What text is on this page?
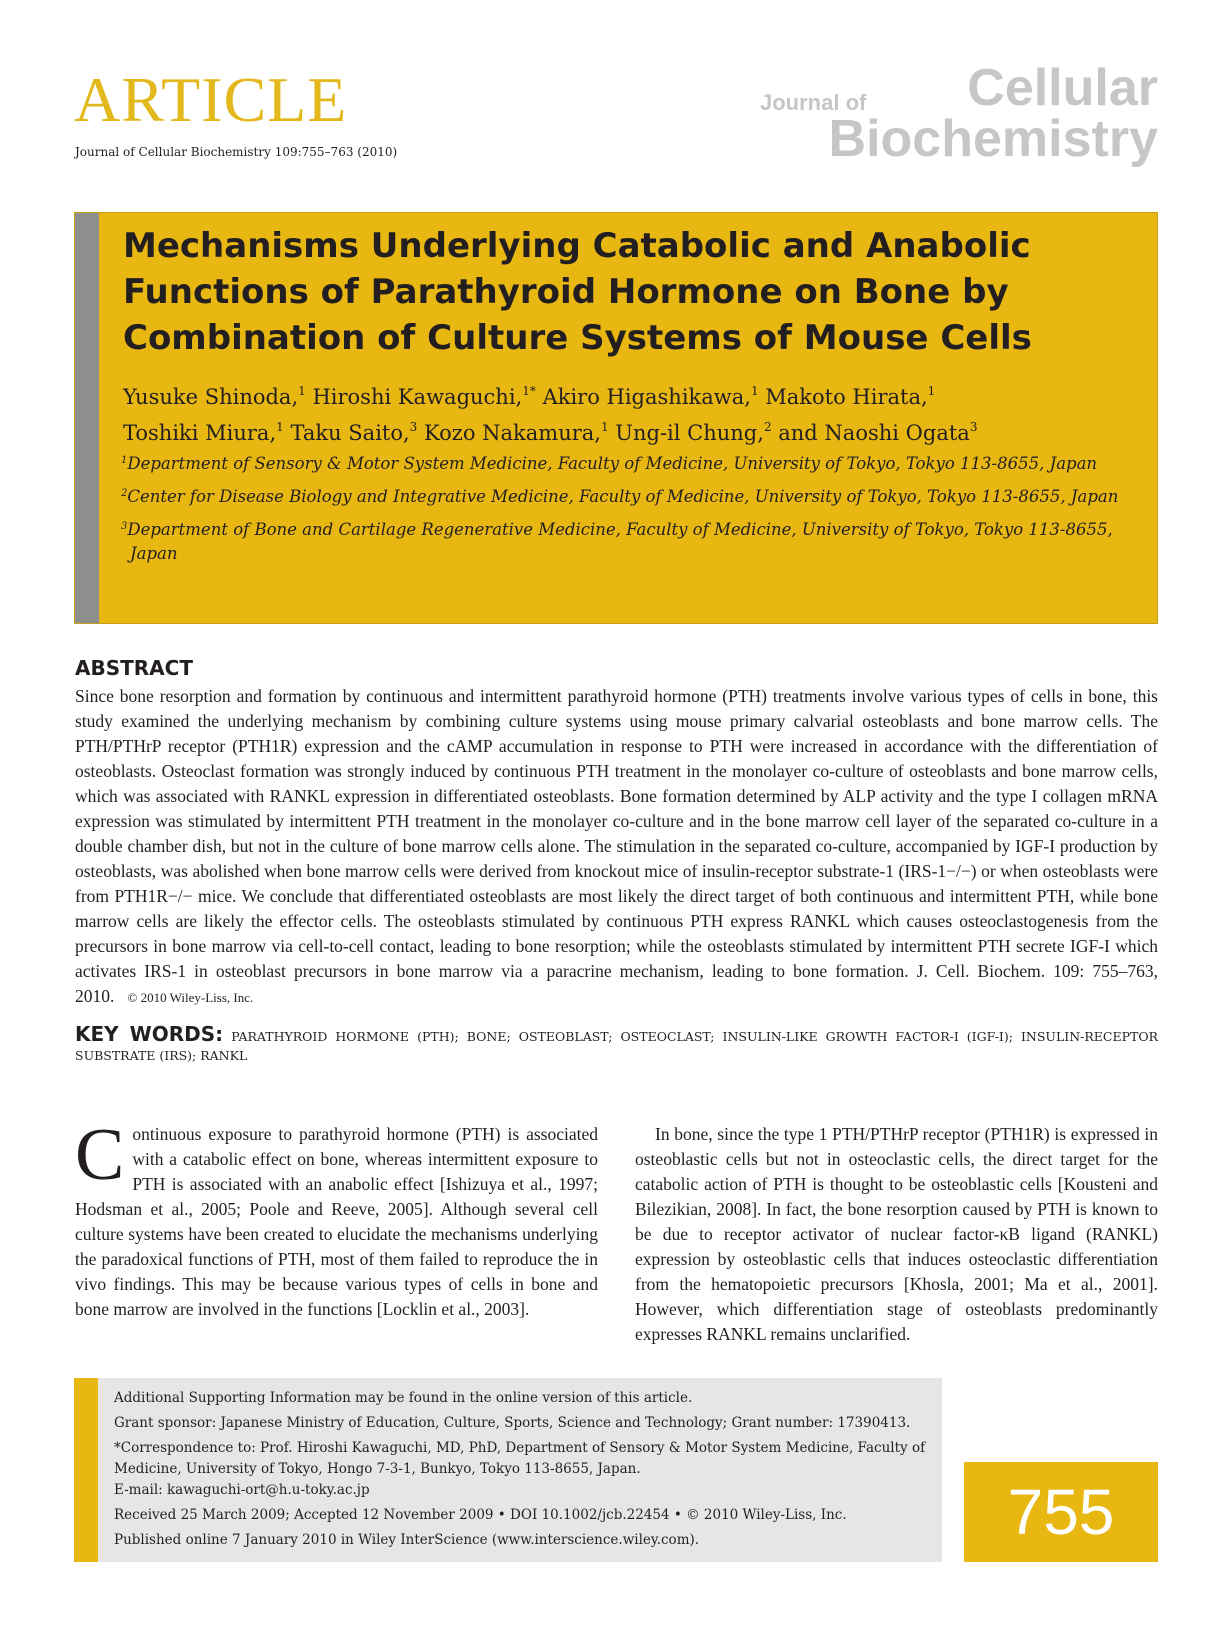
ARTICLE
Journal of Cellular Biochemistry 109:755–763 (2010)
Journal of Cellular
Biochemistry
Mechanisms Underlying Catabolic and Anabolic Functions of Parathyroid Hormone on Bone by Combination of Culture Systems of Mouse Cells
Yusuke Shinoda,$^1$ Hiroshi Kawaguchi,$^{1*}$ Akiro Higashikawa,$^1$ Makoto Hirata,$^1$
Toshiki Miura,$^1$ Taku Saito,$^3$ Kozo Nakamura,$^1$ Ung-il Chung,$^2$ and Naoshi Ogata$^3$
$^1$Department of Sensory & Motor System Medicine, Faculty of Medicine, University of Tokyo, Tokyo 113-8655, Japan
$^2$Center for Disease Biology and Integrative Medicine, Faculty of Medicine, University of Tokyo, Tokyo 113-8655, Japan
$^3$Department of Bone and Cartilage Regenerative Medicine, Faculty of Medicine, University of Tokyo, Tokyo 113-8655, Japan
ABSTRACT

Since bone resorption and formation by continuous and intermittent parathyroid hormone (PTH) treatments involve various types of cells in bone, this study examined the underlying mechanism by combining culture systems using mouse primary calvarial osteoblasts and bone marrow cells. The PTH/PTHrP receptor (PTH1R) expression and the cAMP accumulation in response to PTH were increased in accordance with the differentiation of osteoblasts. Osteoclast formation was strongly induced by continuous PTH treatment in the monolayer co-culture of osteoblasts and bone marrow cells, which was associated with RANKL expression in differentiated osteoblasts. Bone formation determined by ALP activity and the type I collagen mRNA expression was stimulated by intermittent PTH treatment in the monolayer co-culture and in the bone marrow cell layer of the separated co-culture in a double chamber dish, but not in the culture of bone marrow cells alone. The stimulation in the separated co-culture, accompanied by IGF-I production by osteoblasts, was abolished when bone marrow cells were derived from knockout mice of insulin-receptor substrate-1 (IRS-1−/−) or when osteoblasts were from PTH1R−/− mice. We conclude that differentiated osteoblasts are most likely the direct target of both continuous and intermittent PTH, while bone marrow cells are likely the effector cells. The osteoblasts stimulated by continuous PTH express RANKL which causes osteoclastogenesis from the precursors in bone marrow via cell-to-cell contact, leading to bone resorption; while the osteoblasts stimulated by intermittent PTH secrete IGF-I which activates IRS-1 in osteoblast precursors in bone marrow via a paracrine mechanism, leading to bone formation. J. Cell. Biochem. 109: 755–763, 2010. © 2010 Wiley-Liss, Inc.

KEY WORDS: PARATHYROID HORMONE (PTH); BONE; OSTEOBLAST; OSTEOCLAST; INSULIN-LIKE GROWTH FACTOR-I (IGF-I); INSULIN-RECEPTOR SUBSTRATE (IRS); RANKL

Continuous exposure to parathyroid hormone (PTH) is associated with a catabolic effect on bone, whereas intermittent exposure to PTH is associated with an anabolic effect [Ishizuya et al., 1997; Hodsman et al., 2005; Poole and Reeve, 2005]. Although several cell culture systems have been created to elucidate the mechanisms underlying the paradoxical functions of PTH, most of them failed to reproduce the in vivo findings. This may be because various types of cells in bone and bone marrow are involved in the functions [Locklin et al., 2003].
In bone, since the type 1 PTH/PTHrP receptor (PTH1R) is expressed in osteoblastic cells but not in osteoclastic cells, the direct target for the catabolic action of PTH is thought to be osteoblastic cells [Kousteni and Bilezikian, 2008]. In fact, the bone resorption caused by PTH is known to be due to receptor activator of nuclear factor-κB ligand (RANKL) expression by osteoblastic cells that induces osteoclastic differentiation from the hematopoietic precursors [Khosla, 2001; Ma et al., 2001]. However, which differentiation stage of osteoblasts predominantly expresses RANKL remains unclarified.

Additional Supporting Information may be found in the online version of this article.

Grant sponsor: Japanese Ministry of Education, Culture, Sports, Science and Technology; Grant number: 17390413.

*Correspondence to: Prof. Hiroshi Kawaguchi, MD, PhD, Department of Sensory & Motor System Medicine, Faculty of Medicine, University of Tokyo, Hongo 7-3-1, Bunkyo, Tokyo 113-8655, Japan.
E-mail: kawaguchi-ort@h.u-toky.ac.jp

Received 25 March 2009; Accepted 12 November 2009 • DOI 10.1002/jcb.22454 • © 2010 Wiley-Liss, Inc.

Published online 7 January 2010 in Wiley InterScience (www.interscience.wiley.com).	755
